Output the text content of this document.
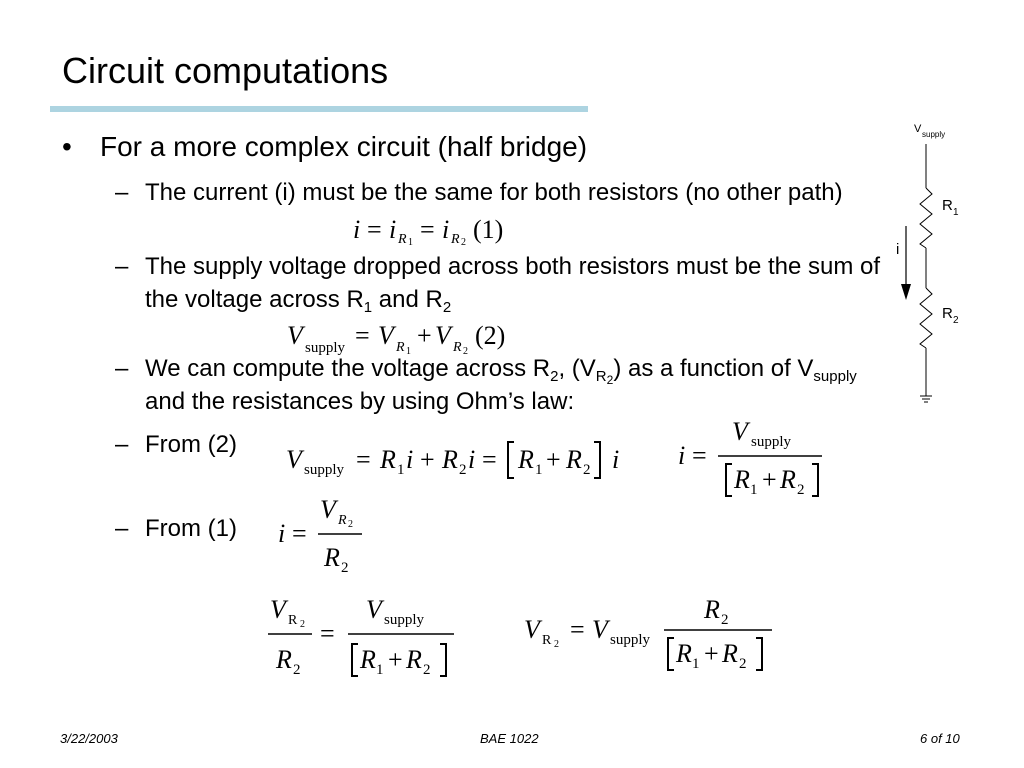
Circuit computations
• For a more complex circuit (half bridge)
– The current (i) must be the same for both resistors (no other path)
i = i R 1 = i R 2 (1)
– The supply voltage dropped across both resistors must be the sum of the voltage across $R_1$ and $R_2$
V supply = V R 1
+ V R 2
(2)
– We can compute the voltage across $R_2$, $(V_{R_2})$ as a function of $V_{supply}$ and the resistances by using Ohm’s law:
– From (2)
V supply = R 1 i + R 2 i = R 1 + R 2 i i =
V supply
R 1 + R 2
– From (1) i =
V R 2
R 2
V R 2
R 2
=
V supply
R 1 + R 2
V R 2
= V supply
R 2
R 1 + R 2
V supply
R 1
R 2
i
3/22/2003	BAE 1022	6 of 10
